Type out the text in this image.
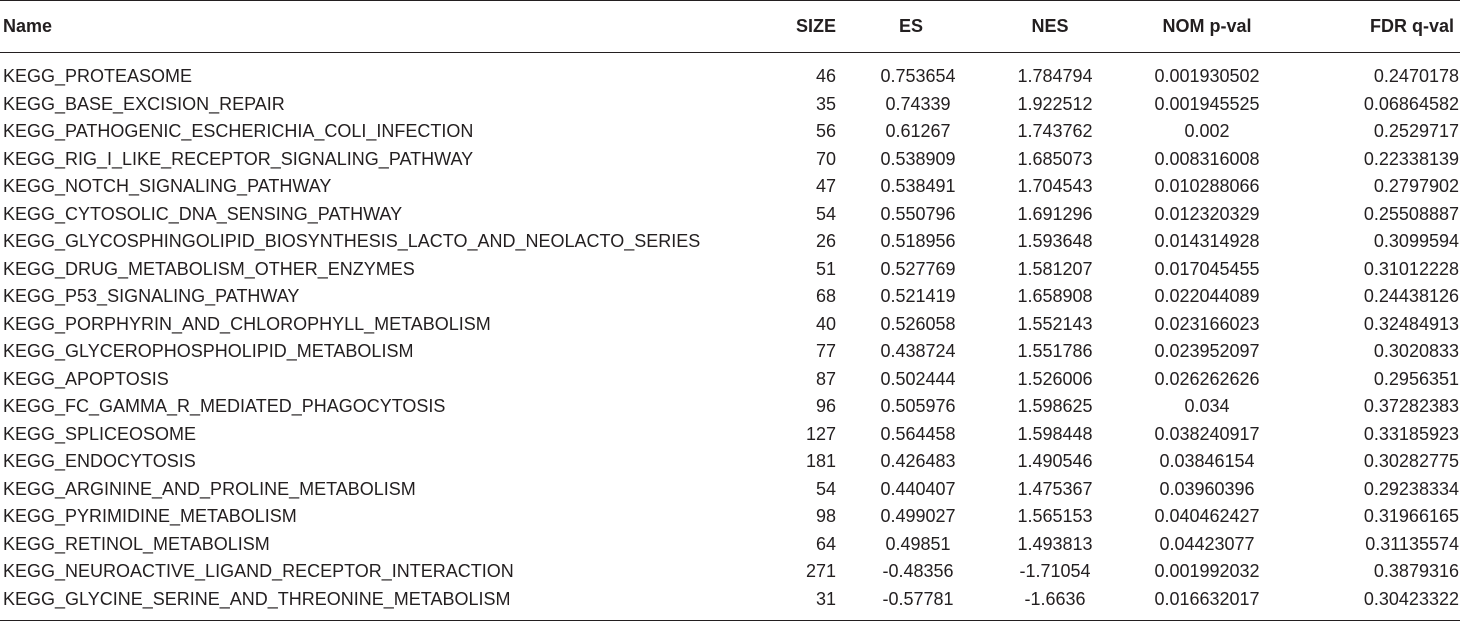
Name	SIZE	ES	NES	NOM p-val	FDR q-val

KEGG_PROTEASOME	46	0.753654	1.784794	0.001930502	0.2470178
KEGG_BASE_EXCISION_REPAIR	35	0.74339	1.922512	0.001945525	0.06864582
KEGG_PATHOGENIC_ESCHERICHIA_COLI_INFECTION	56	0.61267	1.743762	0.002	0.2529717
KEGG_RIG_I_LIKE_RECEPTOR_SIGNALING_PATHWAY	70	0.538909	1.685073	0.008316008	0.22338139
KEGG_NOTCH_SIGNALING_PATHWAY	47	0.538491	1.704543	0.010288066	0.2797902
KEGG_CYTOSOLIC_DNA_SENSING_PATHWAY	54	0.550796	1.691296	0.012320329	0.25508887
KEGG_GLYCOSPHINGOLIPID_BIOSYNTHESIS_LACTO_AND_NEOLACTO_SERIES	26	0.518956	1.593648	0.014314928	0.3099594
KEGG_DRUG_METABOLISM_OTHER_ENZYMES	51	0.527769	1.581207	0.017045455	0.31012228
KEGG_P53_SIGNALING_PATHWAY	68	0.521419	1.658908	0.022044089	0.24438126
KEGG_PORPHYRIN_AND_CHLOROPHYLL_METABOLISM	40	0.526058	1.552143	0.023166023	0.32484913
KEGG_GLYCEROPHOSPHOLIPID_METABOLISM	77	0.438724	1.551786	0.023952097	0.3020833
KEGG_APOPTOSIS	87	0.502444	1.526006	0.026262626	0.2956351
KEGG_FC_GAMMA_R_MEDIATED_PHAGOCYTOSIS	96	0.505976	1.598625	0.034	0.37282383
KEGG_SPLICEOSOME	127	0.564458	1.598448	0.038240917	0.33185923
KEGG_ENDOCYTOSIS	181	0.426483	1.490546	0.03846154	0.30282775
KEGG_ARGININE_AND_PROLINE_METABOLISM	54	0.440407	1.475367	0.03960396	0.29238334
KEGG_PYRIMIDINE_METABOLISM	98	0.499027	1.565153	0.040462427	0.31966165
KEGG_RETINOL_METABOLISM	64	0.49851	1.493813	0.04423077	0.31135574
KEGG_NEUROACTIVE_LIGAND_RECEPTOR_INTERACTION	271	-0.48356	-1.71054	0.001992032	0.3879316
KEGG_GLYCINE_SERINE_AND_THREONINE_METABOLISM	31	-0.57781	-1.6636	0.016632017	0.30423322
